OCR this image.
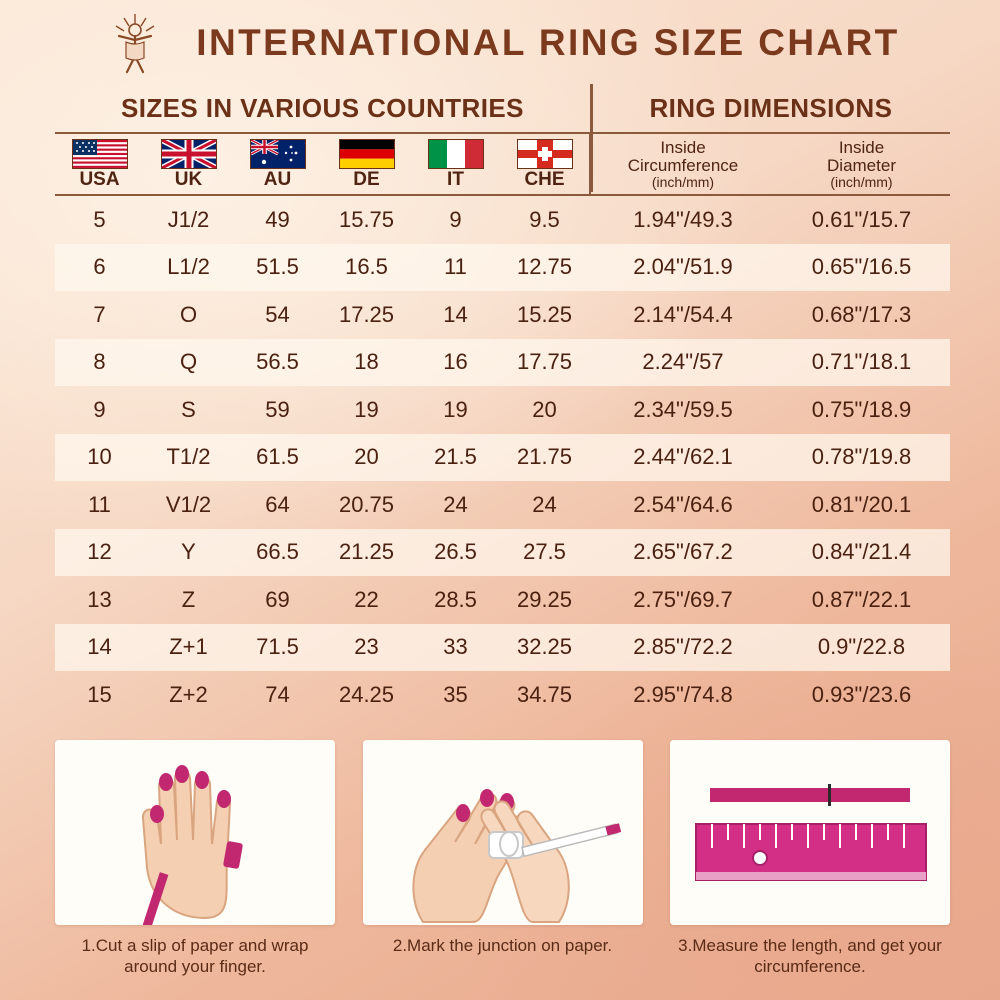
INTERNATIONAL RING SIZE CHART
SIZES IN VARIOUS COUNTRIES	RING DIMENSIONS
USA	UK	AU	DE	IT	CHE
Inside
Circumference
(inch/mm)
Inside
Diameter
(inch/mm)
5	J1/2	49	15.75	9	9.5	1.94"/49.3	0.61"/15.7
6	L1/2	51.5	16.5	11	12.75	2.04"/51.9	0.65"/16.5
7	O	54	17.25	14	15.25	2.14"/54.4	0.68"/17.3
8	Q	56.5	18	16	17.75	2.24"/57	0.71"/18.1
9	S	59	19	19	20	2.34"/59.5	0.75"/18.9
10	T1/2	61.5	20	21.5	21.75	2.44"/62.1	0.78"/19.8
11	V1/2	64	20.75	24	24	2.54"/64.6	0.81"/20.1
12	Y	66.5	21.25	26.5	27.5	2.65"/67.2	0.84"/21.4
13	Z	69	22	28.5	29.25	2.75"/69.7	0.87"/22.1
14	Z+1	71.5	23	33	32.25	2.85"/72.2	0.9"/22.8
15	Z+2	74	24.25	35	34.75	2.95"/74.8	0.93"/23.6
1.Cut a slip of paper and wrap around your finger.
2.Mark the junction on paper.	3.Measure the length, and get your circumference.
